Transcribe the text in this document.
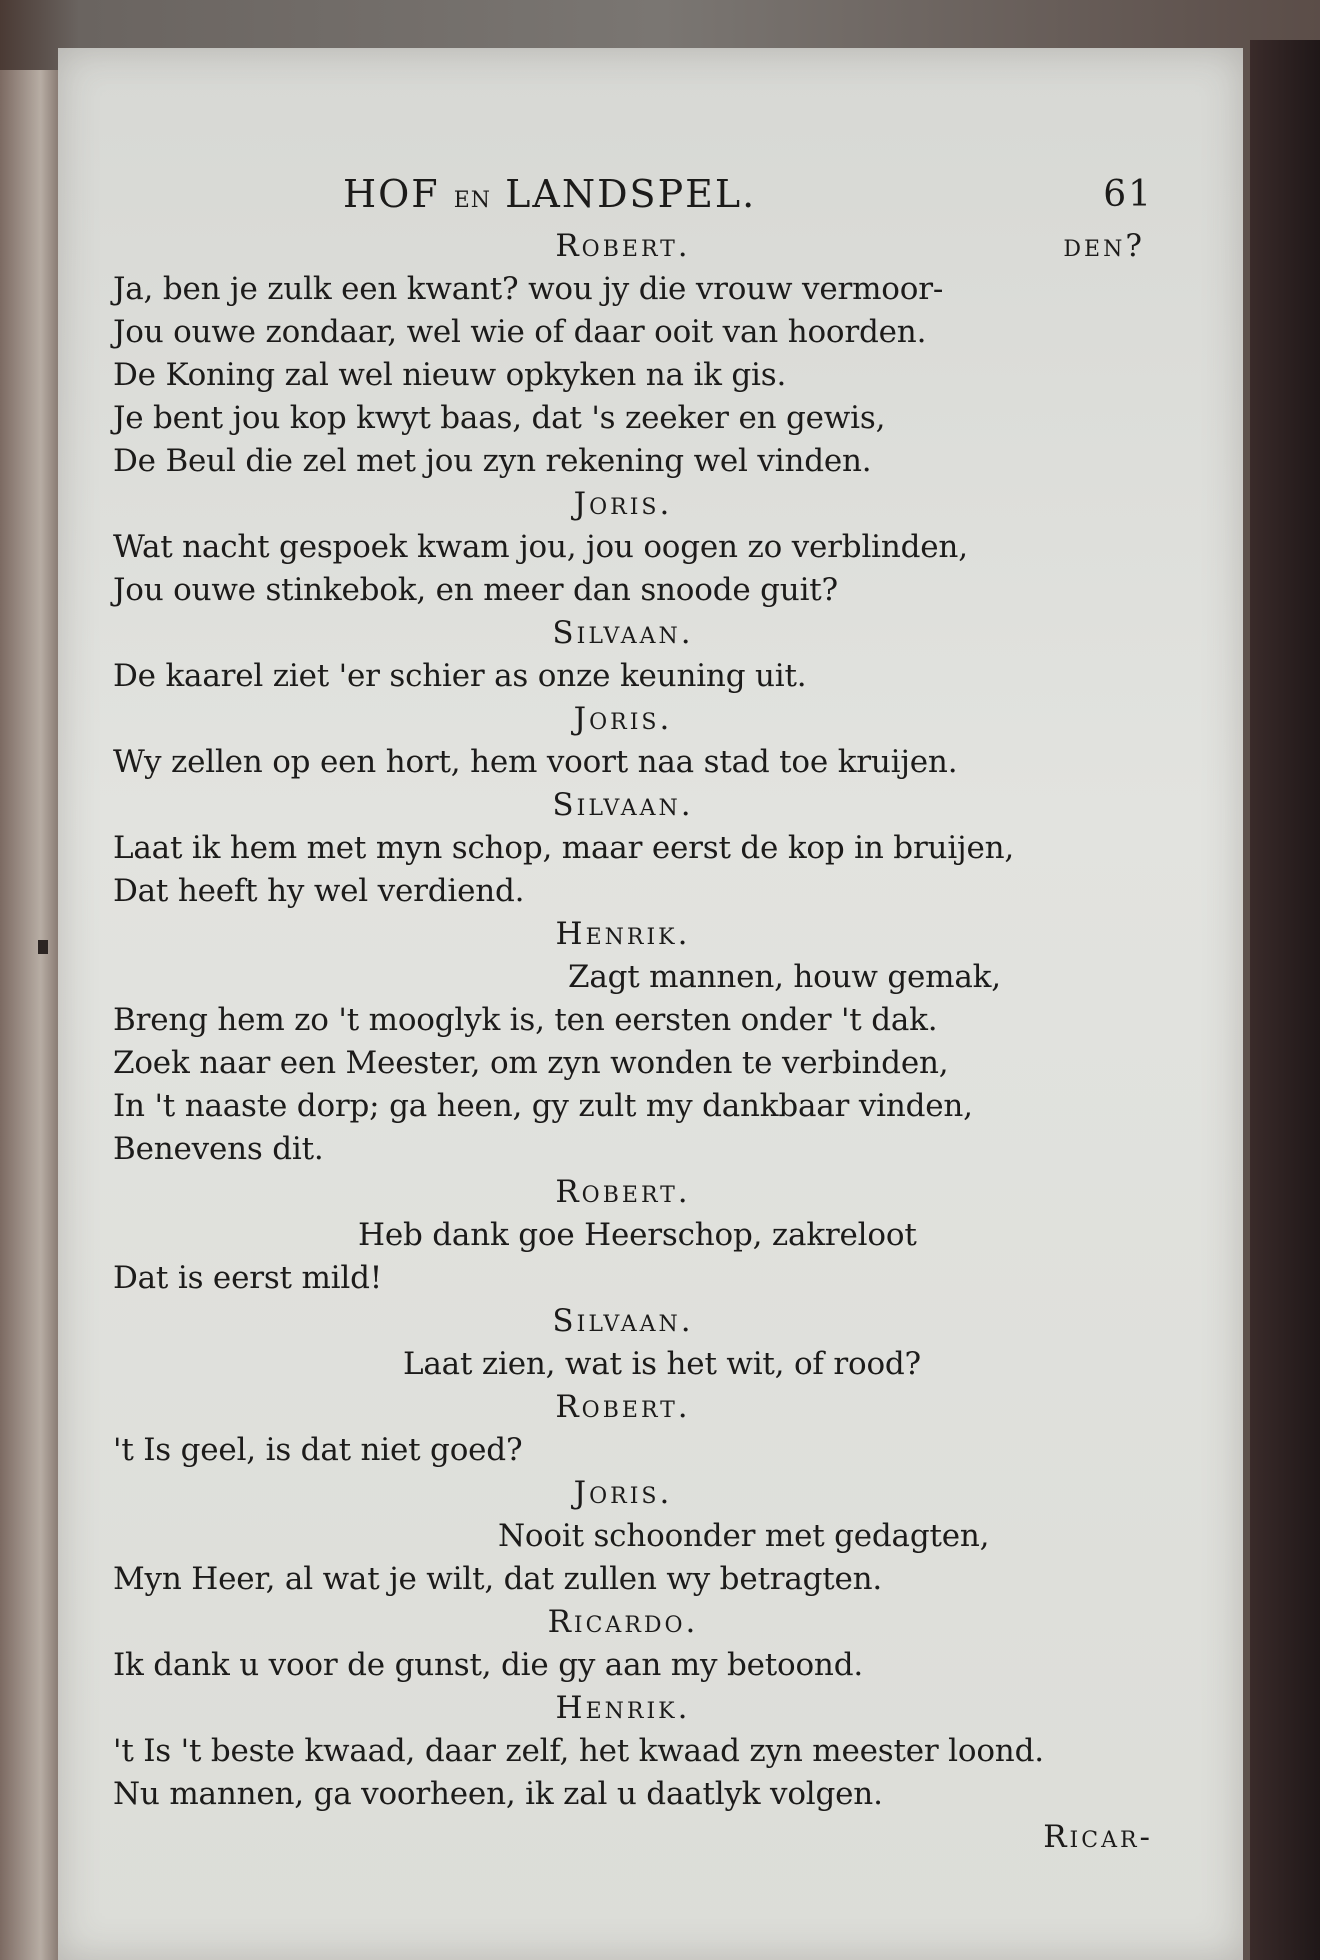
HOF EN LANDSPEL.	61
Robert.	den?
Ja, ben je zulk een kwant? wou jy die vrouw vermoor-
Jou ouwe zondaar, wel wie of daar ooit van hoorden.
De Koning zal wel nieuw opkyken na ik gis.
Je bent jou kop kwyt baas, dat 's zeeker en gewis,
De Beul die zel met jou zyn rekening wel vinden.
Joris.
Wat nacht gespoek kwam jou, jou oogen zo verblinden,
Jou ouwe stinkebok, en meer dan snoode guit?
Silvaan.
De kaarel ziet 'er schier as onze keuning uit.
Joris.
Wy zellen op een hort, hem voort naa stad toe kruijen.
Silvaan.
Laat ik hem met myn schop, maar eerst de kop in bruijen,
Dat heeft hy wel verdiend.
Henrik.
Zagt mannen, houw gemak,
Breng hem zo 't mooglyk is, ten eersten onder 't dak.
Zoek naar een Meester, om zyn wonden te verbinden,
In 't naaste dorp; ga heen, gy zult my dankbaar vinden,
Benevens dit.
Robert.
Heb dank goe Heerschop, zakreloot
Dat is eerst mild!
Silvaan.
Laat zien, wat is het wit, of rood?
Robert.
't Is geel, is dat niet goed?
Joris.
Nooit schoonder met gedagten,
Myn Heer, al wat je wilt, dat zullen wy betragten.
Ricardo.
Ik dank u voor de gunst, die gy aan my betoond.
Henrik.
't Is 't beste kwaad, daar zelf, het kwaad zyn meester loond.
Nu mannen, ga voorheen, ik zal u daatlyk volgen.
Ricar-
